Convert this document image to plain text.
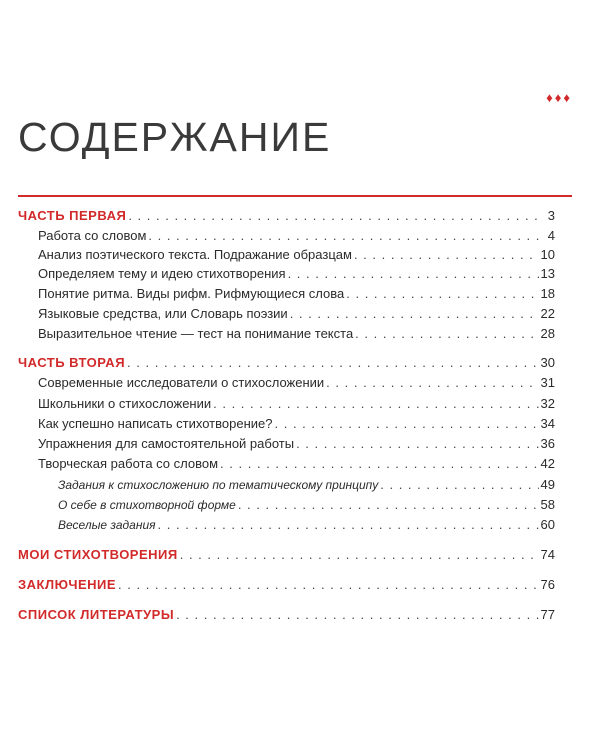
♦♦♦
СОДЕРЖАНИЕ
ЧАСТЬ ПЕРВАЯ . . .	3
Работа со словом . . .	4
Анализ поэтического текста. Подражание образцам . . .	10
Определяем тему и идею стихотворения . . .	13
Понятие ритма. Виды рифм. Рифмующиеся слова . . .	18
Языковые средства, или Словарь поэзии . . .	22
Выразительное чтение — тест на понимание текста . . .	28
ЧАСТЬ ВТОРАЯ . . .	30
Современные исследователи о стихосложении . . .	31
Школьники о стихосложении . . .	32
Как успешно написать стихотворение? . . .	34
Упражнения для самостоятельной работы . . .	36
Творческая работа со словом . . .	42
Задания к стихосложению по тематическому принципу . . .	49
О себе в стихотворной форме . . .	58
Веселые задания . . .	60
МОИ СТИХОТВОРЕНИЯ . . .	74
ЗАКЛЮЧЕНИЕ . . .	76
СПИСОК ЛИТЕРАТУРЫ . . .	77
